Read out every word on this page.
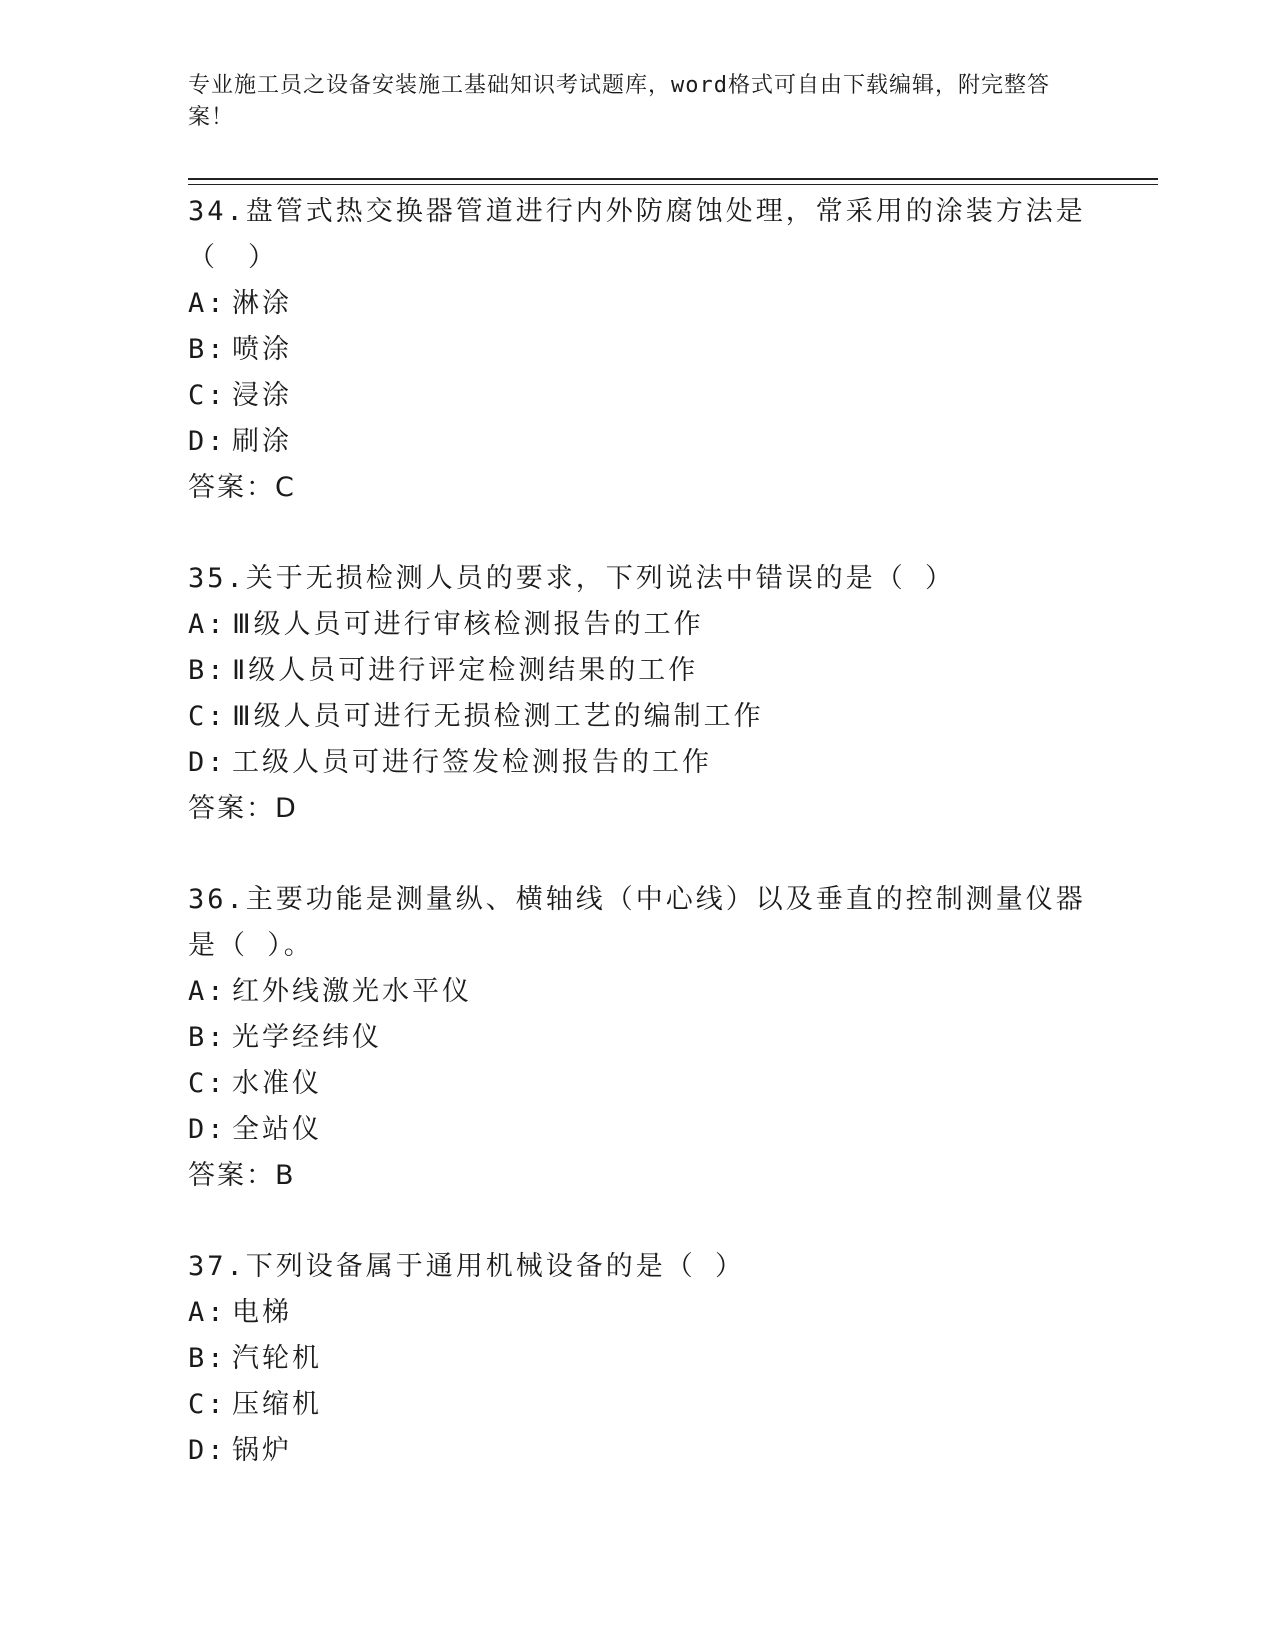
专业施工员之设备安装施工基础知识考试题库，word格式可自由下载编辑，附完整答案！

34.盘管式热交换器管道进行内外防腐蚀处理，常采用的涂装方法是（　）

A: 淋涂
B: 喷涂
C: 浸涂
D: 刷涂

答案：C

35.关于无损检测人员的要求，下列说法中错误的是（ ）

A: Ⅲ级人员可进行审核检测报告的工作
B: Ⅱ级人员可进行评定检测结果的工作
C: Ⅲ级人员可进行无损检测工艺的编制工作
D: 工级人员可进行签发检测报告的工作

答案：D

36.主要功能是测量纵、横轴线（中心线）以及垂直的控制测量仪器是（ ）。

A: 红外线激光水平仪
B: 光学经纬仪
C: 水准仪
D: 全站仪

答案：B

37.下列设备属于通用机械设备的是（ ）

A: 电梯
B: 汽轮机
C: 压缩机
D: 锅炉
